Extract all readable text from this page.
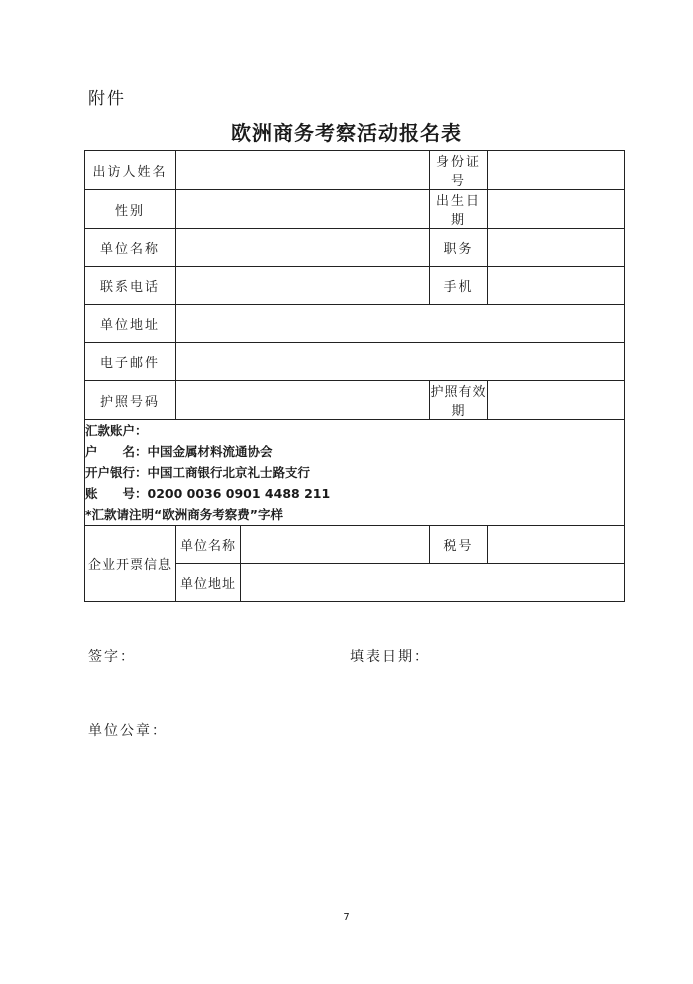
附件
欧洲商务考察活动报名表
出访人姓名			身份证号	
性别			出生日期	
单位名称			职务	
联系电话			手机	
单位地址				
电子邮件				
护照号码			护照有效期	

汇款账户：
户　　名：中国金属材料流通协会
开户银行：中国工商银行北京礼士路支行
账　　号：0200 0036 0901 4488 211
*汇款请注明“欧洲商务考察费”字样				

企业开票信息	单位名称		税号	
	单位地址			
签字：	填表日期：
单位公章：
7
